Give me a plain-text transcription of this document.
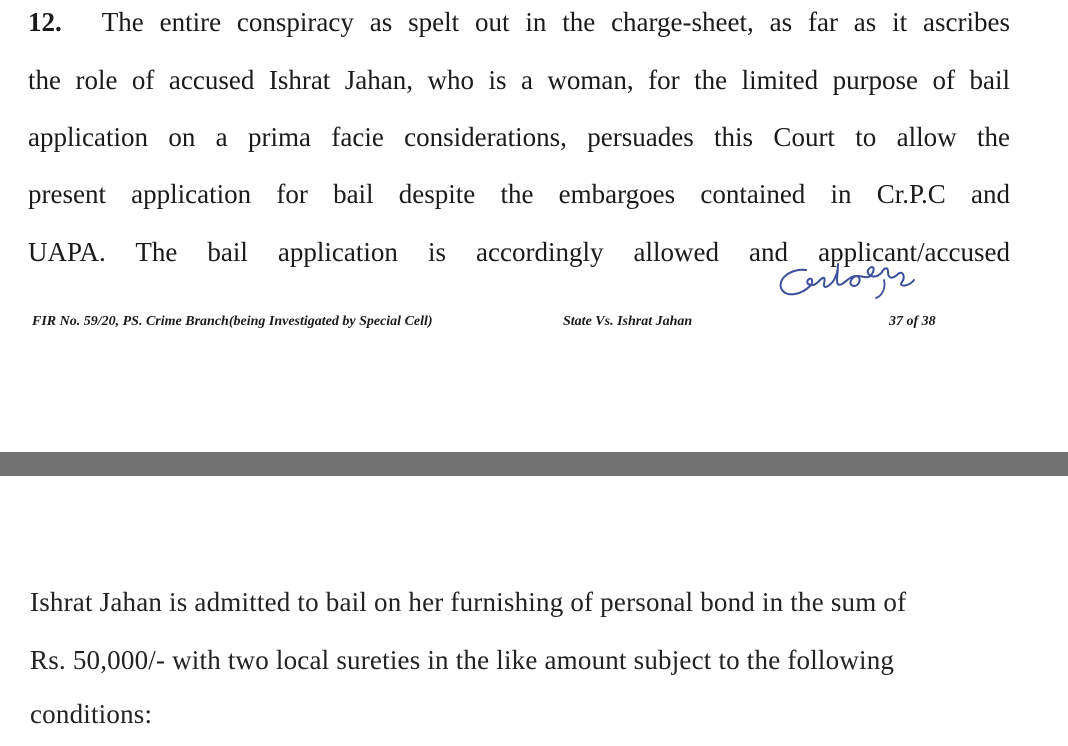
12. The entire conspiracy as spelt out in the charge-sheet, as far as it ascribes
the role of accused Ishrat Jahan, who is a woman, for the limited purpose of bail
application on a prima facie considerations, persuades this Court to allow the
present application for bail despite the embargoes contained in Cr.P.C and
UAPA. The bail application is accordingly allowed and applicant/accused
FIR No. 59/20, PS. Crime Branch(being Investigated by Special Cell)	State Vs. Ishrat Jahan	37 of 38
Ishrat Jahan is admitted to bail on her furnishing of personal bond in the sum of
Rs. 50,000/- with two local sureties in the like amount subject to the following
conditions:
